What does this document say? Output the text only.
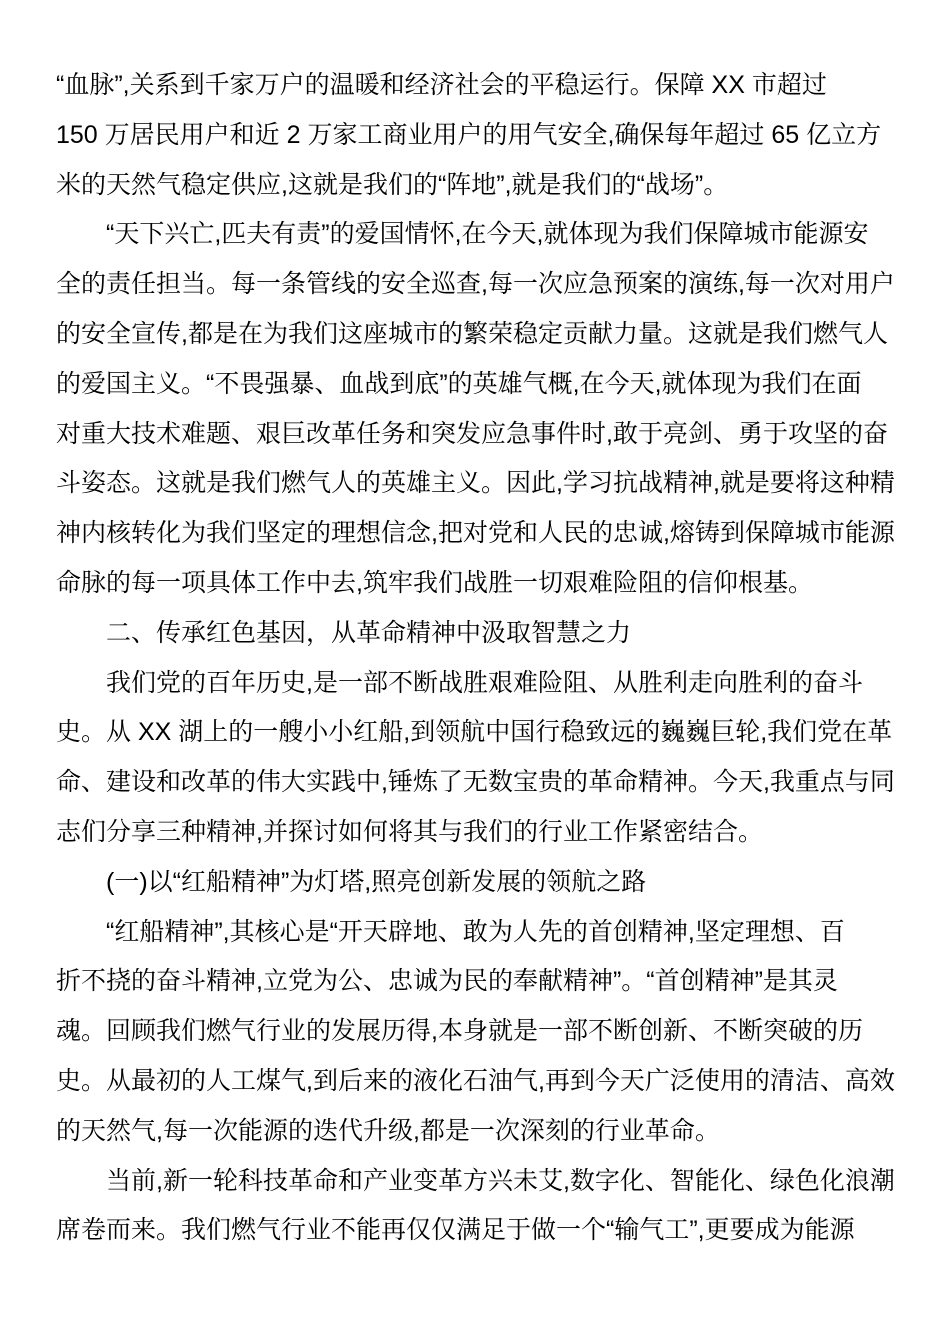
“血脉”,关系到千家万户的温暖和经济社会的平稳运行。保障 XX 市超过
150 万居民用户和近 2 万家工商业用户的用气安全,确保每年超过 65 亿立方
米的天然气稳定供应,这就是我们的“阵地”,就是我们的“战场”。
“天下兴亡,匹夫有责”的爱国情怀,在今天,就体现为我们保障城市能源安
全的责任担当。每一条管线的安全巡查,每一次应急预案的演练,每一次对用户
的安全宣传,都是在为我们这座城市的繁荣稳定贡献力量。这就是我们燃气人
的爱国主义。“不畏强暴、血战到底”的英雄气概,在今天,就体现为我们在面
对重大技术难题、艰巨改革任务和突发应急事件时,敢于亮剑、勇于攻坚的奋
斗姿态。这就是我们燃气人的英雄主义。因此,学习抗战精神,就是要将这种精
神内核转化为我们坚定的理想信念,把对党和人民的忠诚,熔铸到保障城市能源
命脉的每一项具体工作中去,筑牢我们战胜一切艰难险阻的信仰根基。
二、传承红色基因，从革命精神中汲取智慧之力
我们党的百年历史,是一部不断战胜艰难险阻、从胜利走向胜利的奋斗
史。从 XX 湖上的一艘小小红船,到领航中国行稳致远的巍巍巨轮,我们党在革
命、建设和改革的伟大实践中,锤炼了无数宝贵的革命精神。今天,我重点与同
志们分享三种精神,并探讨如何将其与我们的行业工作紧密结合。
(一)以“红船精神”为灯塔,照亮创新发展的领航之路
“红船精神”,其核心是“开天辟地、敢为人先的首创精神,坚定理想、百
折不挠的奋斗精神,立党为公、忠诚为民的奉献精神”。“首创精神”是其灵
魂。回顾我们燃气行业的发展历得,本身就是一部不断创新、不断突破的历
史。从最初的人工煤气,到后来的液化石油气,再到今天广泛使用的清洁、高效
的天然气,每一次能源的迭代升级,都是一次深刻的行业革命。
当前,新一轮科技革命和产业变革方兴未艾,数字化、智能化、绿色化浪潮
席卷而来。我们燃气行业不能再仅仅满足于做一个“输气工”,更要成为能源
